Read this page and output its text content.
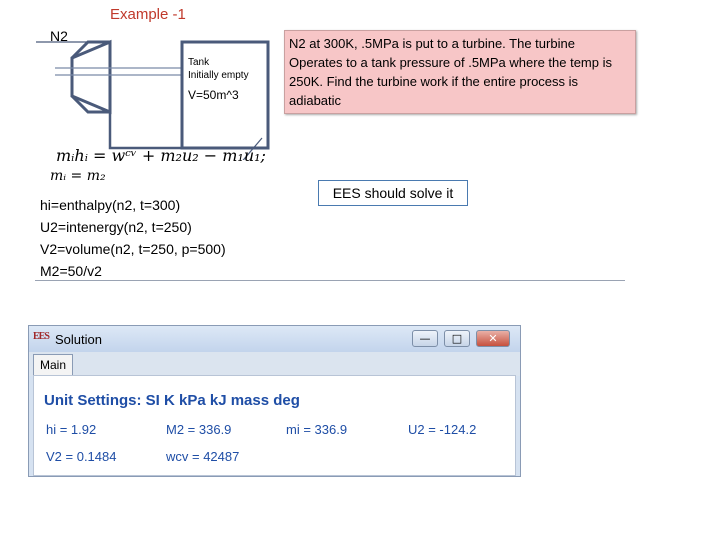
Example -1
N2
Tank
Initially empty
V=50m^3
N2 at 300K, .5MPa is put to a turbine. The turbine Operates to a tank pressure of .5MPa where the temp is 250K. Find the turbine work if the entire process is adiabatic
EES should solve it
mᵢhᵢ = wᶜᵛ + m₂u₂ − m₁u₁;
mᵢ = m₂
hi=enthalpy(n2, t=300)
U2=intenergy(n2, t=250)
V2=volume(n2, t=250, p=500)
M2=50/v2
EES Solution	—	□	✕
Main
Unit Settings: SI K kPa kJ mass deg
hi = 1.92	M2 = 336.9	mi = 336.9	U2 = -124.2
V2 = 0.1484	wcv = 42487
